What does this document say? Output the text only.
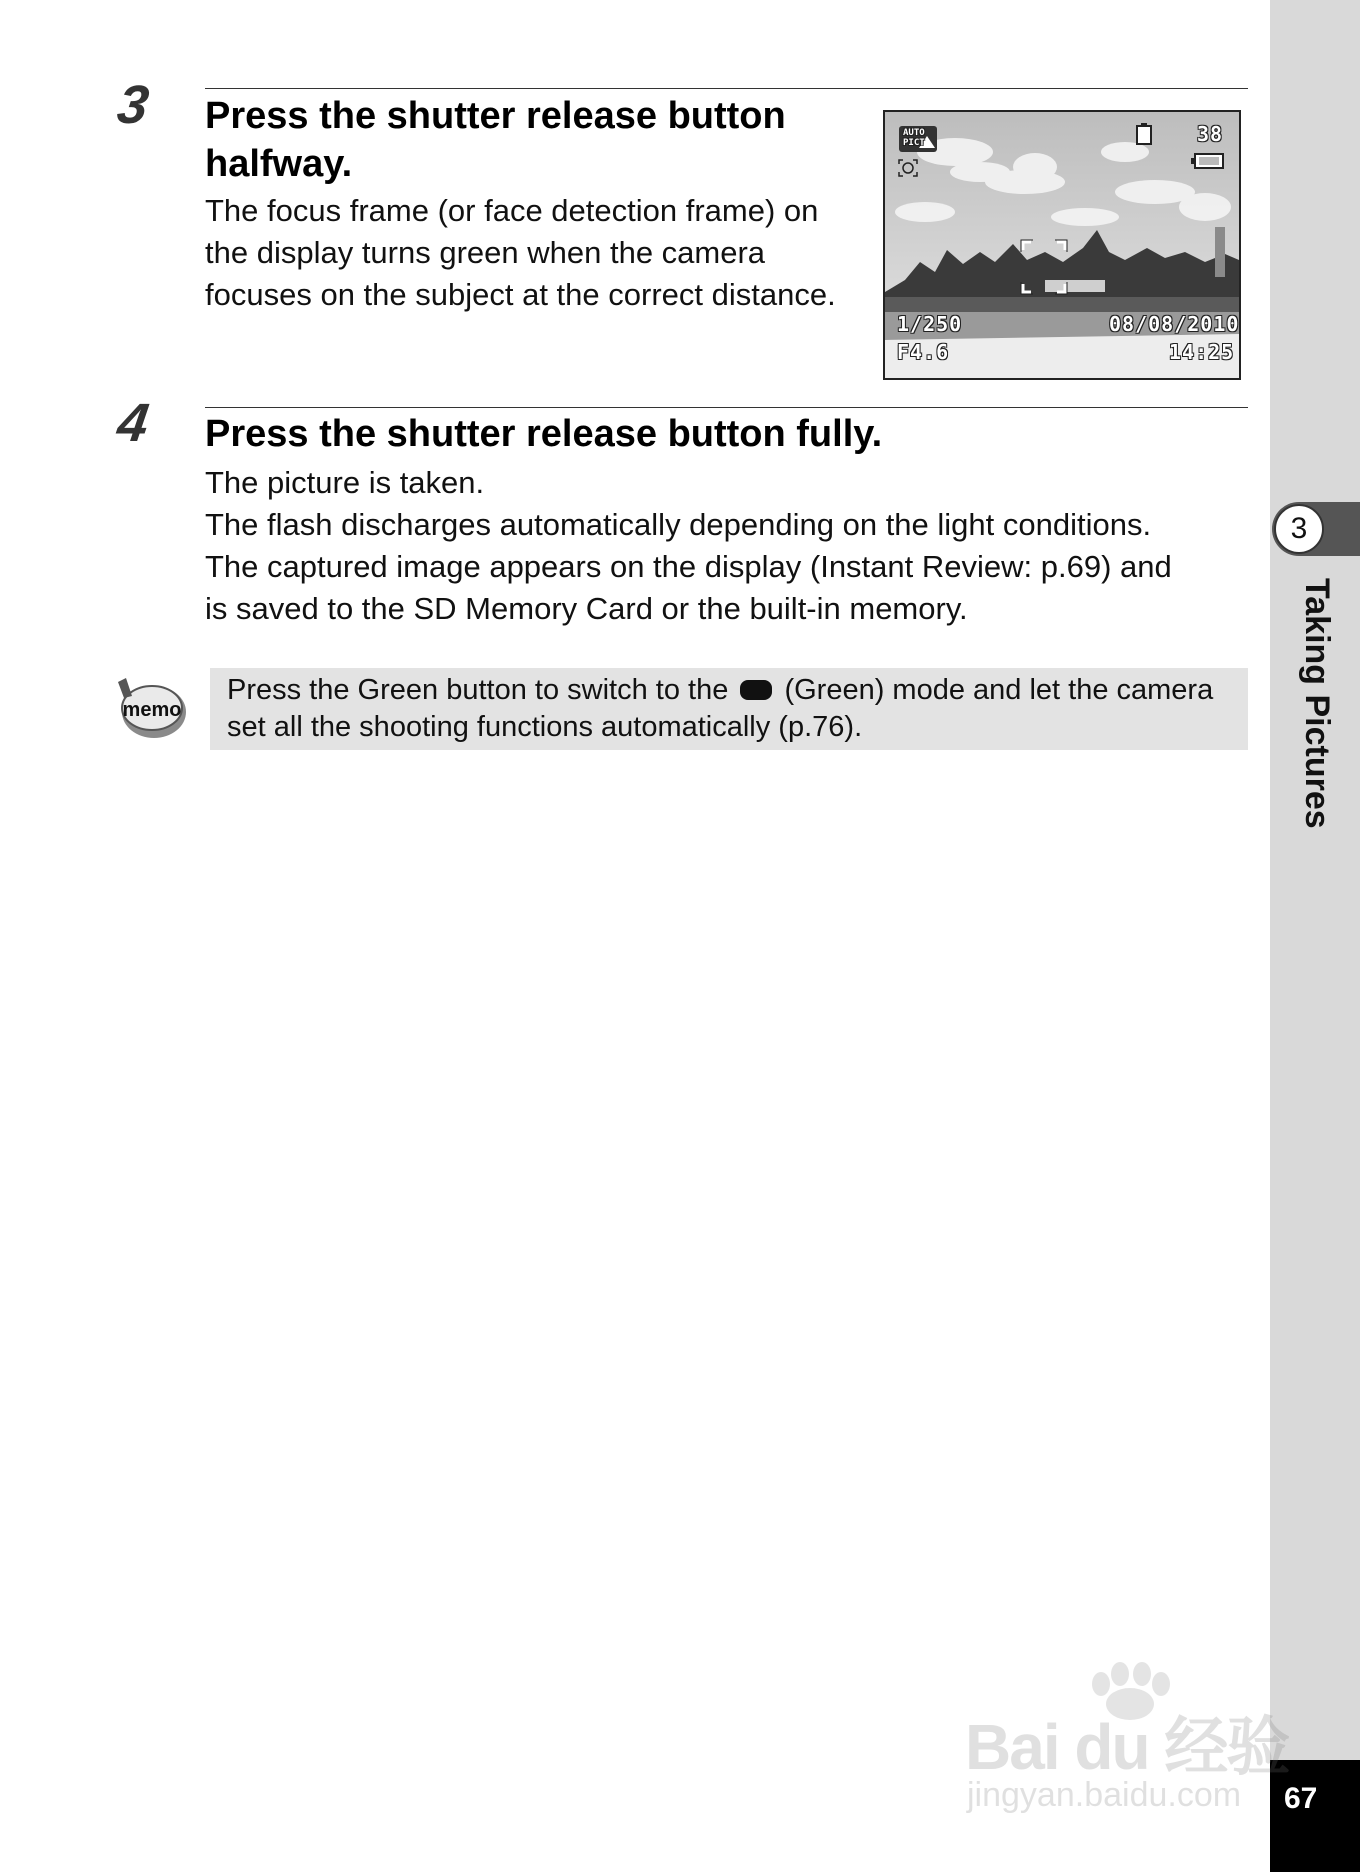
3 Press the shutter release button halfway.
The focus frame (or face detection frame) on the display turns green when the camera focuses on the subject at the correct distance.
AUTO PICT	38
1/250
F4.6
08/08/2010
14:25
4 Press the shutter release button fully.
The picture is taken.
The flash discharges automatically depending on the light conditions.
The captured image appears on the display (Instant Review: p.69) and
is saved to the SD Memory Card or the built-in memory.
memo
Press the Green button to switch to the (Green) mode and let the camera set all the shooting functions automatically (p.76).
3
Taking Pictures
67
Bai du 经验
jingyan.baidu.com
